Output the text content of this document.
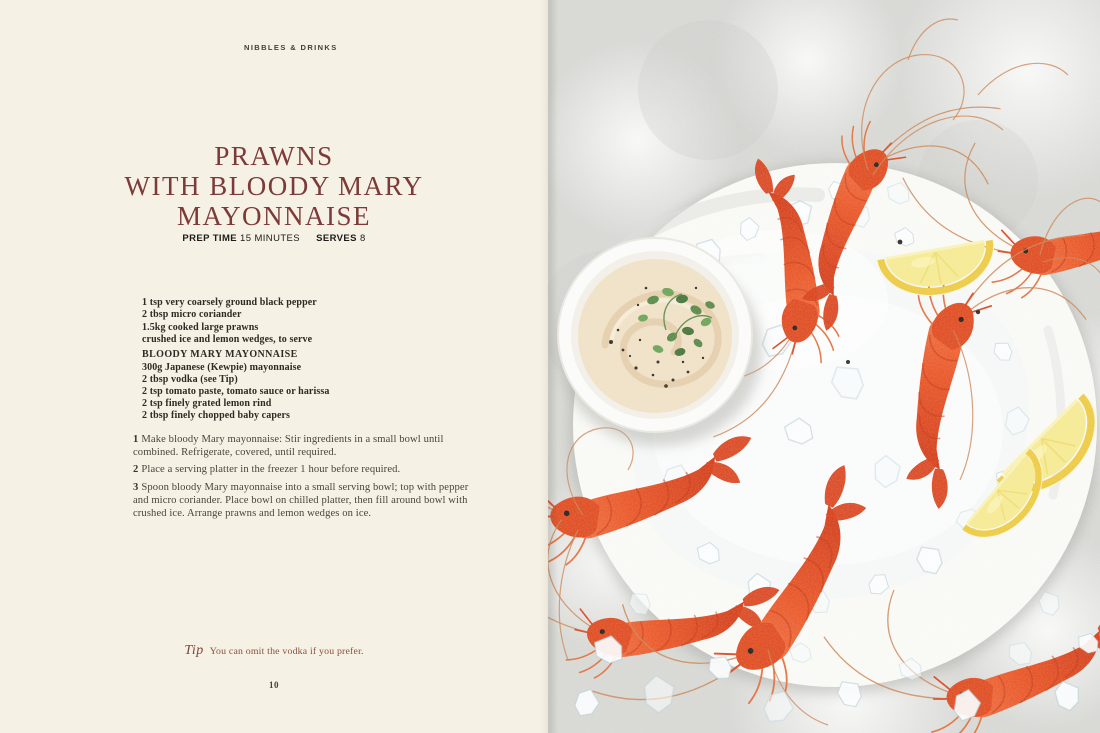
NIBBLES & DRINKS
PRAWNS
WITH BLOODY MARY
MAYONNAISE
PREP TIME 15 MINUTES SERVES 8
1 tsp very coarsely ground black pepper
2 tbsp micro coriander
1.5kg cooked large prawns
crushed ice and lemon wedges, to serve
BLOODY MARY MAYONNAISE
300g Japanese (Kewpie) mayonnaise
2 tbsp vodka (see Tip)
2 tsp tomato paste, tomato sauce or harissa
2 tsp finely grated lemon rind
2 tbsp finely chopped baby capers

1 Make bloody Mary mayonnaise: Stir ingredients in a small bowl until combined. Refrigerate, covered, until required.

2 Place a serving platter in the freezer 1 hour before required.

3 Spoon bloody Mary mayonnaise into a small serving bowl; top with pepper and micro coriander. Place bowl on chilled platter, then fill around bowl with crushed ice. Arrange prawns and lemon wedges on ice.

Tip You can omit the vodka if you prefer.
10
